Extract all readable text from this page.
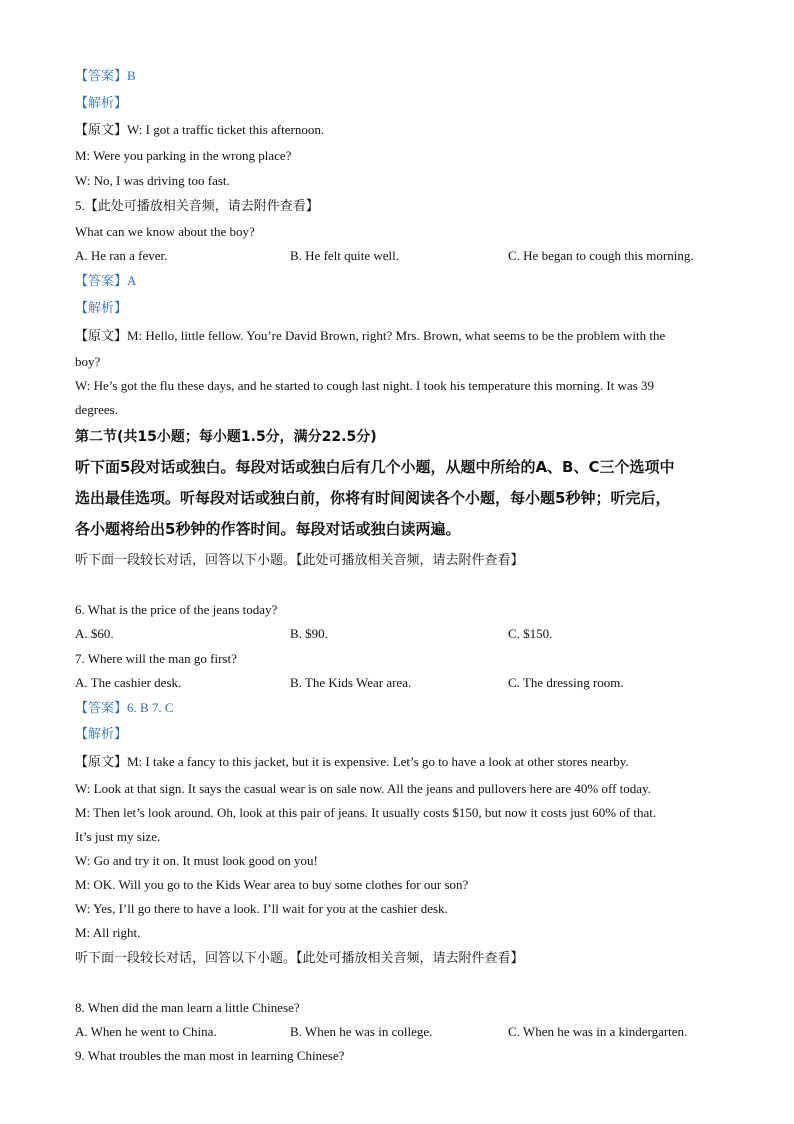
【答案】B
【解析】
【原文】W: I got a traffic ticket this afternoon.
M: Were you parking in the wrong place?
W: No, I was driving too fast.
5.【此处可播放相关音频，请去附件查看】
What can we know about the boy?
A. He ran a fever.	B. He felt quite well.	C. He began to cough this morning.
【答案】A
【解析】
【原文】M: Hello, little fellow. You’re David Brown, right? Mrs. Brown, what seems to be the problem with the
boy?
W: He’s got the flu these days, and he started to cough last night. I took his temperature this morning. It was 39
degrees.
第二节(共15小题；每小题1.5分，满分22.5分)
听下面5段对话或独白。每段对话或独白后有几个小题，从题中所给的A、B、C三个选项中
选出最佳选项。听每段对话或独白前，你将有时间阅读各个小题，每小题5秒钟；听完后，
各小题将给出5秒钟的作答时间。每段对话或独白读两遍。
听下面一段较长对话，回答以下小题。【此处可播放相关音频，请去附件查看】
6. What is the price of the jeans today?
A. $60.	B. $90.	C. $150.
7. Where will the man go first?
A. The cashier desk.	B. The Kids Wear area.	C. The dressing room.
【答案】6. B 7. C
【解析】
【原文】M: I take a fancy to this jacket, but it is expensive. Let’s go to have a look at other stores nearby.
W: Look at that sign. It says the casual wear is on sale now. All the jeans and pullovers here are 40% off today.
M: Then let’s look around. Oh, look at this pair of jeans. It usually costs $150, but now it costs just 60% of that.
It’s just my size.
W: Go and try it on. It must look good on you!
M: OK. Will you go to the Kids Wear area to buy some clothes for our son?
W: Yes, I’ll go there to have a look. I’ll wait for you at the cashier desk.
M: All right.
听下面一段较长对话，回答以下小题。【此处可播放相关音频，请去附件查看】
8. When did the man learn a little Chinese?
A. When he went to China.	B. When he was in college.	C. When he was in a kindergarten.
9. What troubles the man most in learning Chinese?
